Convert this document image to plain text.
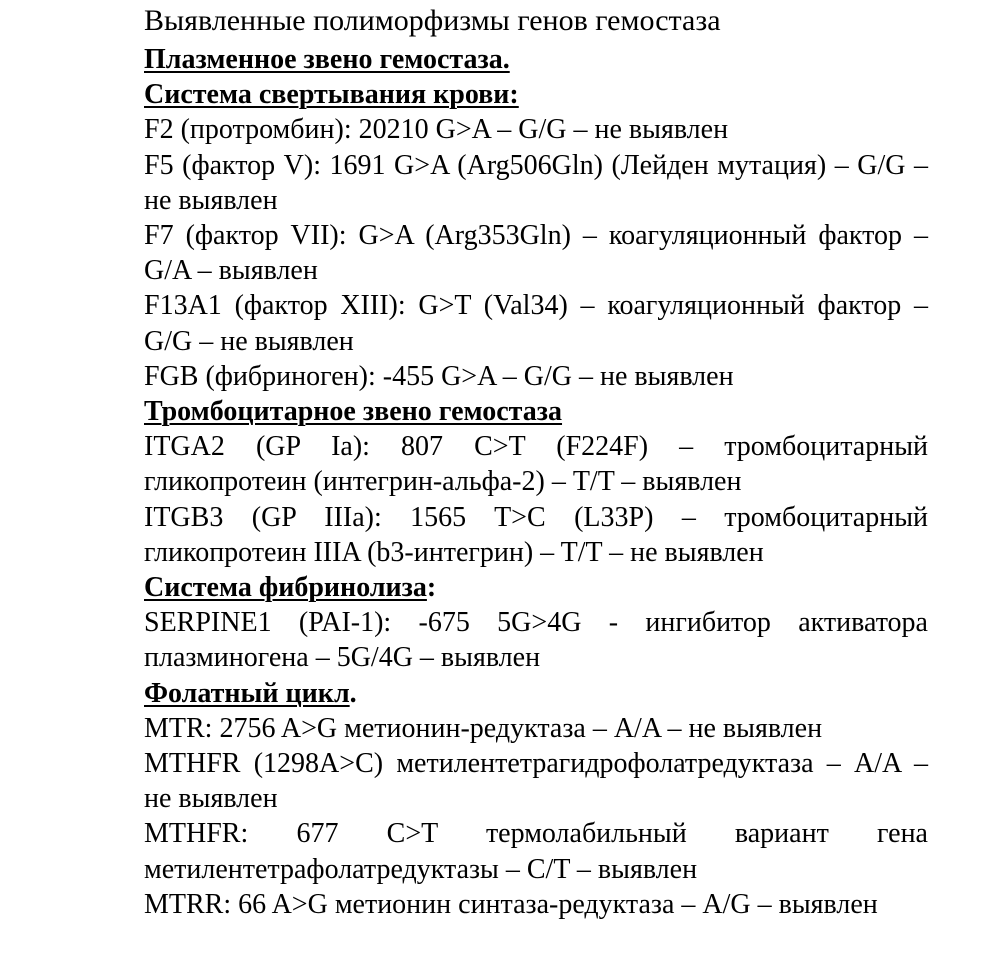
Выявленные полиморфизмы генов гемостаза
Плазменное звено гемостаза.
Система свертывания крови:
F2 (протромбин): 20210 G>A – G/G – не выявлен
F5 (фактор V): 1691 G>A (Arg506Gln) (Лейден мутация) – G/G – не выявлен
F7 (фактор VII): G>A (Arg353Gln) – коагуляционный фактор – G/A – выявлен
F13A1 (фактор XIII): G>T (Val34) – коагуляционный фактор – G/G – не выявлен
FGB (фибриноген): -455 G>A – G/G – не выявлен
Тромбоцитарное звено гемостаза
ITGA2 (GP Ia): 807 C>T (F224F) – тромбоцитарный гликопротеин (интегрин-альфа-2) – T/T – выявлен
ITGB3 (GP IIIa): 1565 T>C (L33P) – тромбоцитарный гликопротеин IIIA (b3-интегрин) – T/T – не выявлен
Система фибринолиза:
SERPINE1 (PAI-1): -675 5G>4G - ингибитор активатора плазминогена – 5G/4G – выявлен
Фолатный цикл.
MTR: 2756 A>G метионин-редуктаза – A/A – не выявлен
MTHFR (1298A>C) метилентетрагидрофолатредуктаза – A/A – не выявлен
MTHFR: 677 C>T термолабильный вариант гена метилентетрафолатредуктазы – C/T – выявлен
MTRR: 66 A>G метионин синтаза-редуктаза – A/G – выявлен
